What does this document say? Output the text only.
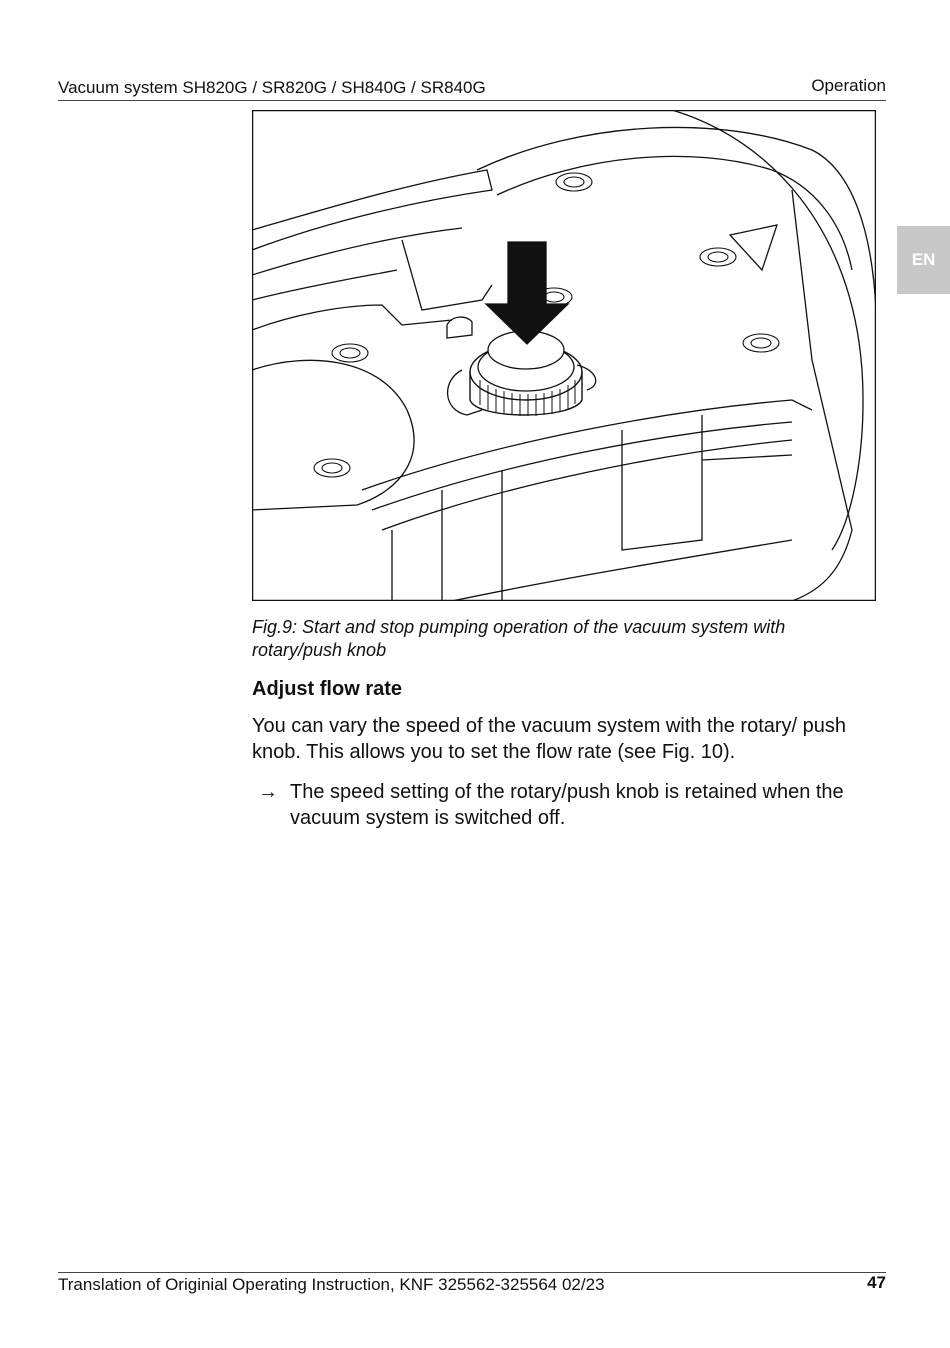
Vacuum system SH820G / SR820G / SH840G / SR840G	Operation
EN
Fig.9: Start and stop pumping operation of the vacuum system with rotary/push knob
Adjust flow rate
You can vary the speed of the vacuum system with the rotary/ push knob. This allows you to set the flow rate (see Fig. 10).
→ The speed setting of the rotary/push knob is retained when the vacuum system is switched off.
Translation of Originial Operating Instruction, KNF 325562-325564 02/23	47
